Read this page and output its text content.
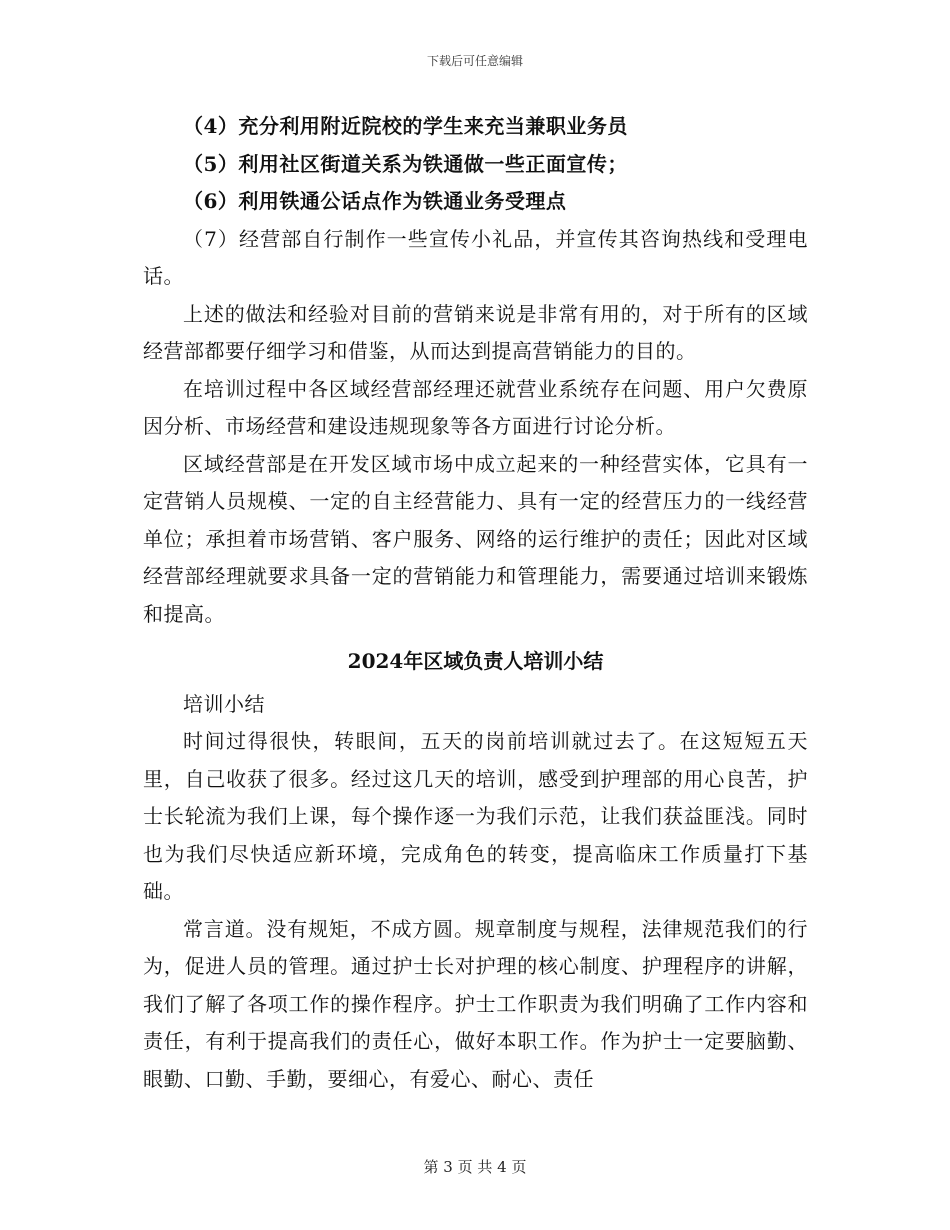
下载后可任意编辑

（4）充分利用附近院校的学生来充当兼职业务员

（5）利用社区街道关系为铁通做一些正面宣传；

（6）利用铁通公话点作为铁通业务受理点

（7）经营部自行制作一些宣传小礼品，并宣传其咨询热线和受理电话。

上述的做法和经验对目前的营销来说是非常有用的，对于所有的区域经营部都要仔细学习和借鉴，从而达到提高营销能力的目的。

在培训过程中各区域经营部经理还就营业系统存在问题、用户欠费原因分析、市场经营和建设违规现象等各方面进行讨论分析。

区域经营部是在开发区域市场中成立起来的一种经营实体，它具有一定营销人员规模、一定的自主经营能力、具有一定的经营压力的一线经营单位；承担着市场营销、客户服务、网络的运行维护的责任；因此对区域经营部经理就要求具备一定的营销能力和管理能力，需要通过培训来锻炼和提高。

2024年区域负责人培训小结

培训小结

时间过得很快，转眼间，五天的岗前培训就过去了。在这短短五天里，自己收获了很多。经过这几天的培训，感受到护理部的用心良苦，护士长轮流为我们上课，每个操作逐一为我们示范，让我们获益匪浅。同时也为我们尽快适应新环境，完成角色的转变，提高临床工作质量打下基础。

常言道。没有规矩，不成方圆。规章制度与规程，法律规范我们的行为，促进人员的管理。通过护士长对护理的核心制度、护理程序的讲解，我们了解了各项工作的操作程序。护士工作职责为我们明确了工作内容和责任，有利于提高我们的责任心，做好本职工作。作为护士一定要脑勤、眼勤、口勤、手勤，要细心，有爱心、耐心、责任

第 3 页 共 4 页
